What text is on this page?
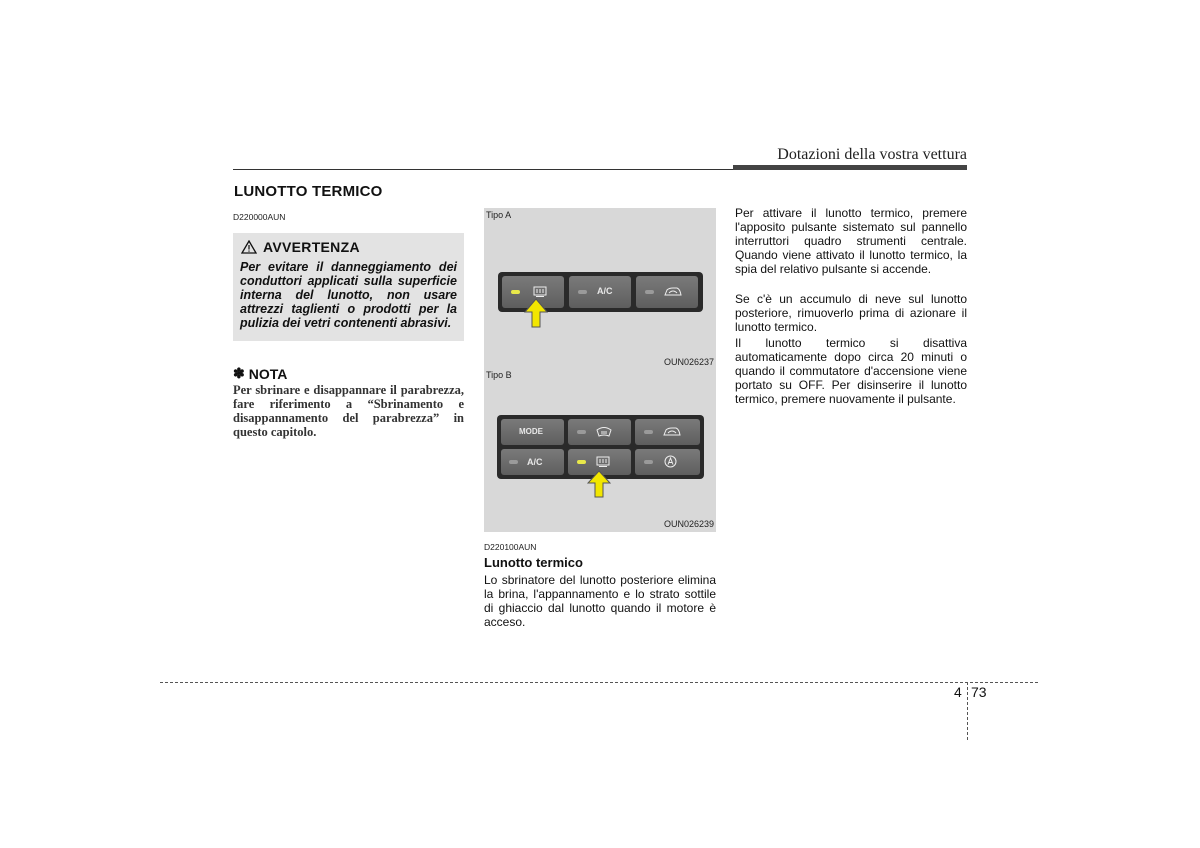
Dotazioni della vostra vettura
LUNOTTO TERMICO
D220000AUN
AVVERTENZA
Per evitare il danneggiamento dei conduttori applicati sulla superficie interna del lunotto, non usare attrezzi taglienti o prodotti per la pulizia dei vetri contenenti abrasivi.
✽ NOTA
Per sbrinare e disappannare il parabrezza, fare riferimento a “Sbrinamento e disappannamento del parabrezza” in questo capitolo.
Tipo A
A/C
OUN026237
Tipo B
MODE
A/C
OUN026239
D220100AUN
Lunotto termico
Lo sbrinatore del lunotto posteriore elimina la brina, l'appannamento e lo strato sottile di ghiaccio dal lunotto quando il motore è acceso.
Per attivare il lunotto termico, premere l'apposito pulsante sistemato sul pannello interruttori quadro strumenti centrale. Quando viene attivato il lunotto termico, la spia del relativo pulsante si accende.
Se c'è un accumulo di neve sul lunotto posteriore, rimuoverlo prima di azionare il lunotto termico.
Il lunotto termico si disattiva automaticamente dopo circa 20 minuti o quando il commutatore d'accensione viene portato su OFF. Per disinserire il lunotto termico, premere nuovamente il pulsante.
4 73
